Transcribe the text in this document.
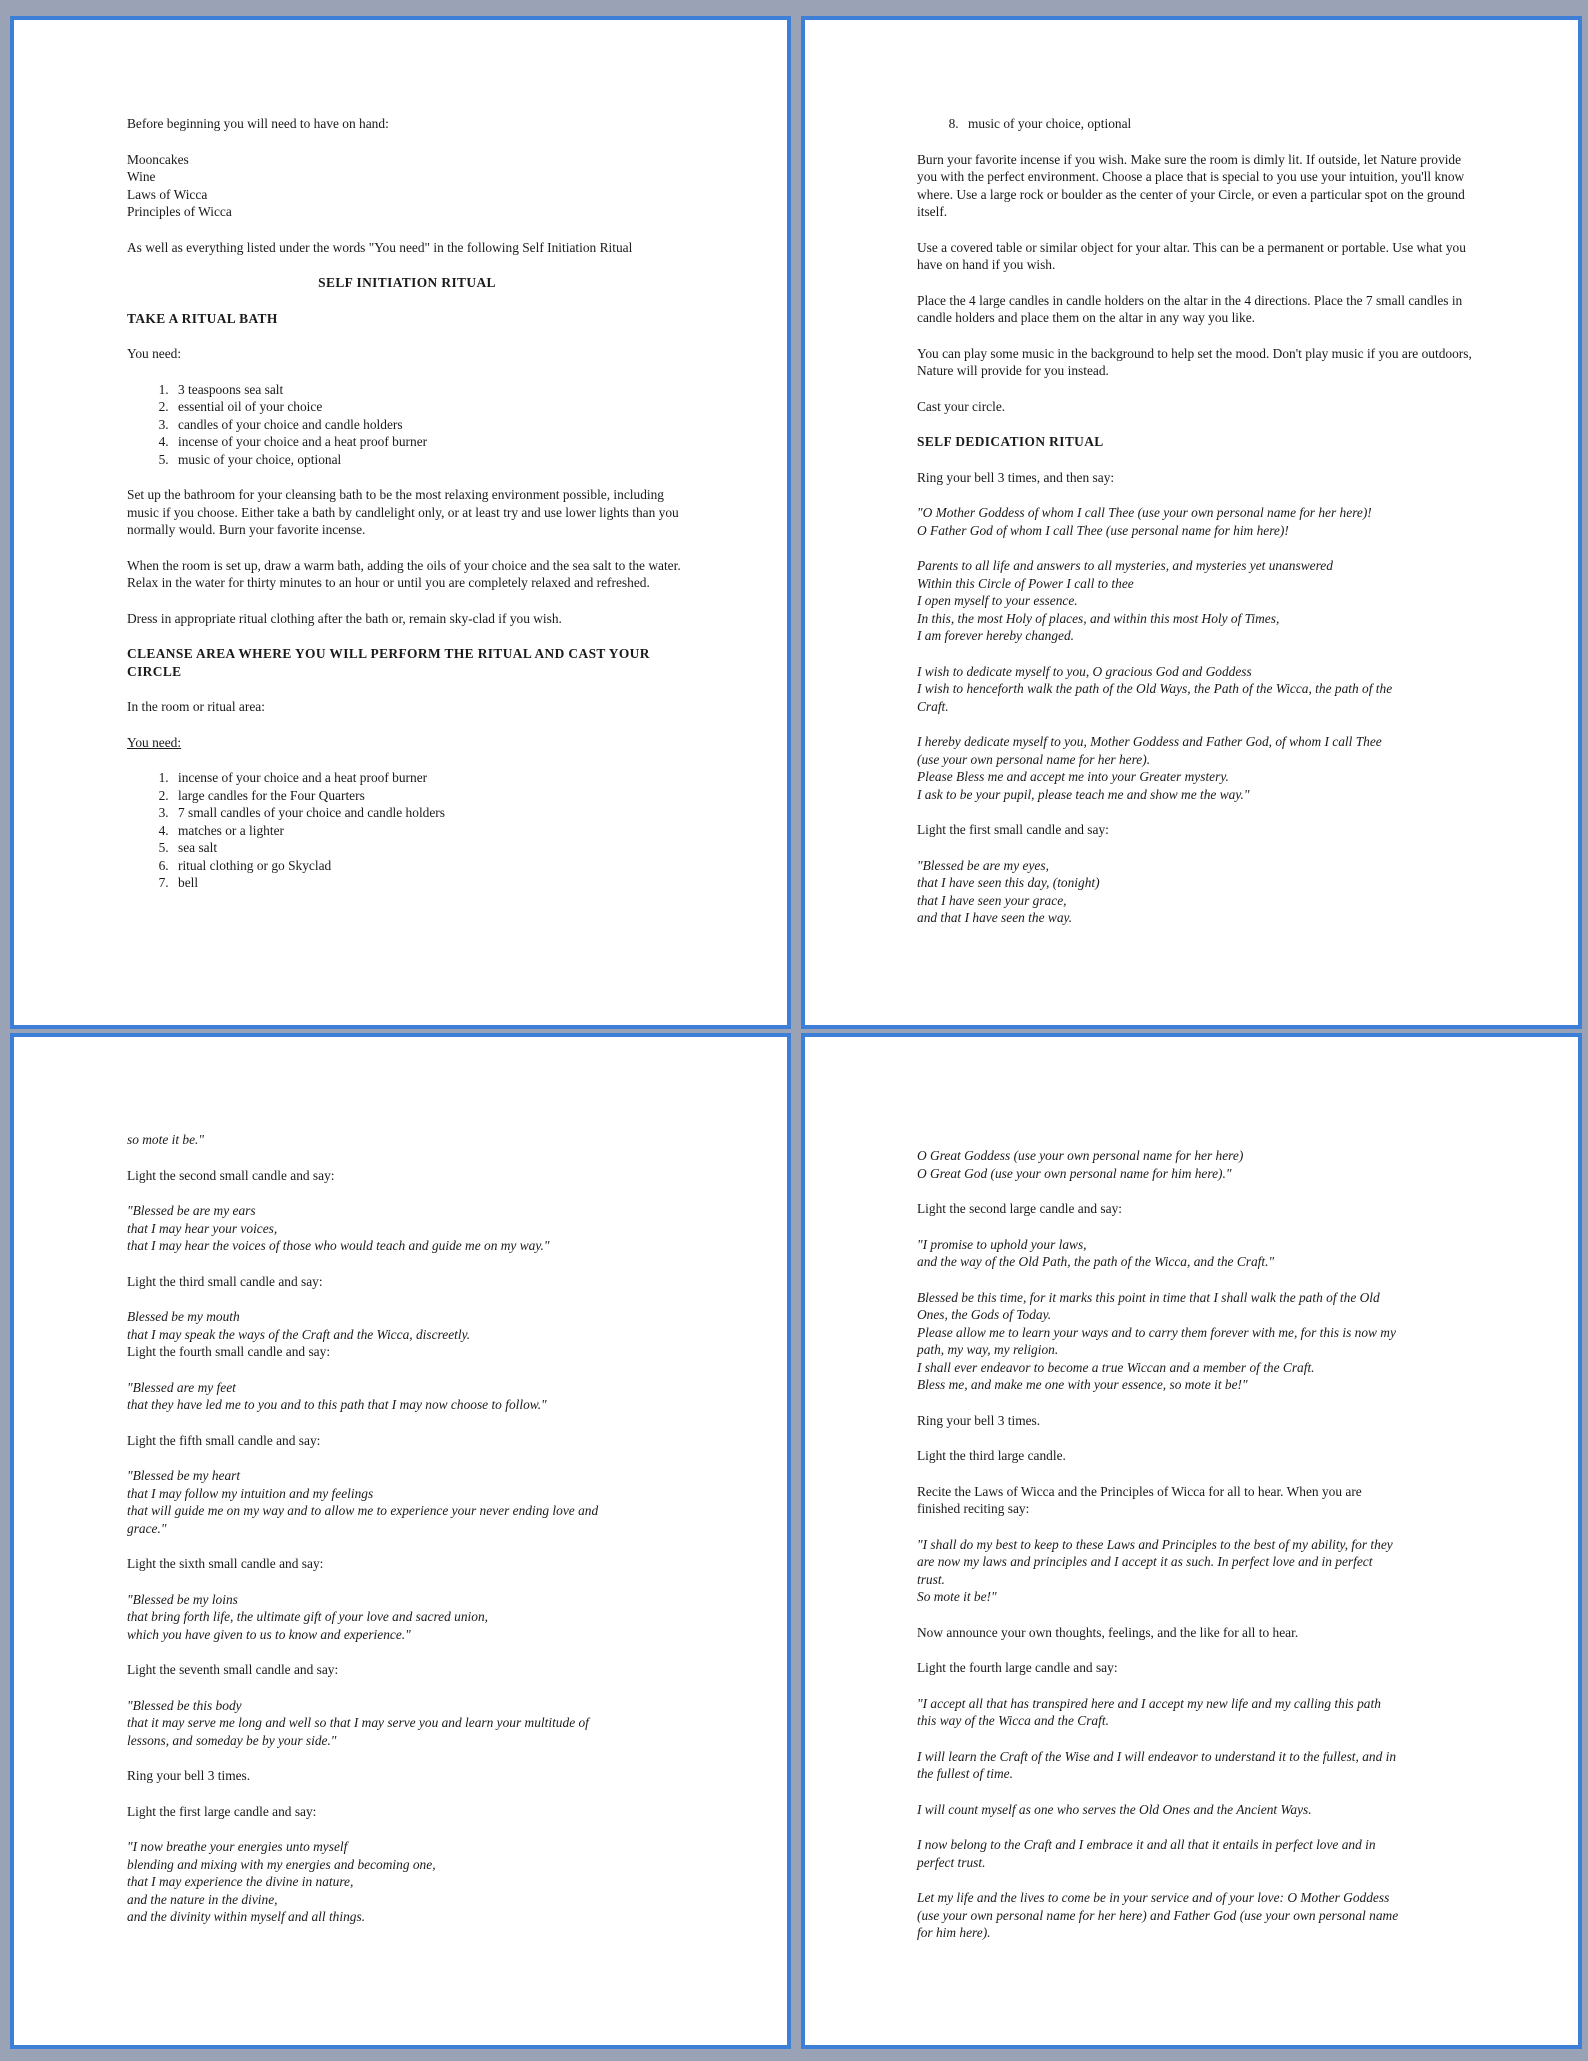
Before beginning you will need to have on hand:

Mooncakes
Wine
Laws of Wicca
Principles of Wicca

As well as everything listed under the words "You need" in the following Self Initiation Ritual

SELF INITIATION RITUAL

TAKE A RITUAL BATH

You need:

1. 3 teaspoons sea salt
2. essential oil of your choice
3. candles of your choice and candle holders
4. incense of your choice and a heat proof burner
5. music of your choice, optional

Set up the bathroom for your cleansing bath to be the most relaxing environment possible, including music if you choose. Either take a bath by candlelight only, or at least try and use lower lights than you normally would. Burn your favorite incense.

When the room is set up, draw a warm bath, adding the oils of your choice and the sea salt to the water. Relax in the water for thirty minutes to an hour or until you are completely relaxed and refreshed.

Dress in appropriate ritual clothing after the bath or, remain sky-clad if you wish.

CLEANSE AREA WHERE YOU WILL PERFORM THE RITUAL AND CAST YOUR CIRCLE

In the room or ritual area:

You need:

1. incense of your choice and a heat proof burner
2. large candles for the Four Quarters
3. 7 small candles of your choice and candle holders
4. matches or a lighter
5. sea salt
6. ritual clothing or go Skyclad
7. bell
8. music of your choice, optional

Burn your favorite incense if you wish. Make sure the room is dimly lit. If outside, let Nature provide you with the perfect environment. Choose a place that is special to you use your intuition, you'll know where. Use a large rock or boulder as the center of your Circle, or even a particular spot on the ground itself.

Use a covered table or similar object for your altar. This can be a permanent or portable. Use what you have on hand if you wish.

Place the 4 large candles in candle holders on the altar in the 4 directions. Place the 7 small candles in candle holders and place them on the altar in any way you like.

You can play some music in the background to help set the mood. Don't play music if you are outdoors, Nature will provide for you instead.

Cast your circle.

SELF DEDICATION RITUAL

Ring your bell 3 times, and then say:

"O Mother Goddess of whom I call Thee (use your own personal name for her here)!
O Father God of whom I call Thee (use personal name for him here)!
Parents to all life and answers to all mysteries, and mysteries yet unanswered
Within this Circle of Power I call to thee
I open myself to your essence.
In this, the most Holy of places, and within this most Holy of Times,
I am forever hereby changed.
I wish to dedicate myself to you, O gracious God and Goddess
I wish to henceforth walk the path of the Old Ways, the Path of the Wicca, the path of the
Craft.
I hereby dedicate myself to you, Mother Goddess and Father God, of whom I call Thee
(use your own personal name for her here).
Please Bless me and accept me into your Greater mystery.
I ask to be your pupil, please teach me and show me the way."

Light the first small candle and say:

"Blessed be are my eyes,
that I have seen this day, (tonight)
that I have seen your grace,
and that I have seen the way.

so mote it be."

Light the second small candle and say:

"Blessed be are my ears
that I may hear your voices,
that I may hear the voices of those who would teach and guide me on my way."

Light the third small candle and say:

Blessed be my mouth
that I may speak the ways of the Craft and the Wicca, discreetly.

Light the fourth small candle and say:

"Blessed are my feet
that they have led me to you and to this path that I may now choose to follow."

Light the fifth small candle and say:

"Blessed be my heart
that I may follow my intuition and my feelings
that will guide me on my way and to allow me to experience your never ending love and
grace."

Light the sixth small candle and say:

"Blessed be my loins
that bring forth life, the ultimate gift of your love and sacred union,
which you have given to us to know and experience."

Light the seventh small candle and say:

"Blessed be this body
that it may serve me long and well so that I may serve you and learn your multitude of
lessons, and someday be by your side."

Ring your bell 3 times.

Light the first large candle and say:

"I now breathe your energies unto myself
blending and mixing with my energies and becoming one,
that I may experience the divine in nature,
and the nature in the divine,
and the divinity within myself and all things.
O Great Goddess (use your own personal name for her here)
O Great God (use your own personal name for him here)."

Light the second large candle and say:

"I promise to uphold your laws,
and the way of the Old Path, the path of the Wicca, and the Craft."
Blessed be this time, for it marks this point in time that I shall walk the path of the Old
Ones, the Gods of Today.
Please allow me to learn your ways and to carry them forever with me, for this is now my
path, my way, my religion.
I shall ever endeavor to become a true Wiccan and a member of the Craft.
Bless me, and make me one with your essence, so mote it be!"

Ring your bell 3 times.

Light the third large candle.

Recite the Laws of Wicca and the Principles of Wicca for all to hear. When you are
finished reciting say:
"I shall do my best to keep to these Laws and Principles to the best of my ability, for they
are now my laws and principles and I accept it as such. In perfect love and in perfect
trust.
So mote it be!"

Now announce your own thoughts, feelings, and the like for all to hear.

Light the fourth large candle and say:

"I accept all that has transpired here and I accept my new life and my calling this path
this way of the Wicca and the Craft.
I will learn the Craft of the Wise and I will endeavor to understand it to the fullest, and in
the fullest of time.

I will count myself as one who serves the Old Ones and the Ancient Ways.

I now belong to the Craft and I embrace it and all that it entails in perfect love and in
perfect trust.
Let my life and the lives to come be in your service and of your love: O Mother Goddess
(use your own personal name for her here) and Father God (use your own personal name
for him here).
